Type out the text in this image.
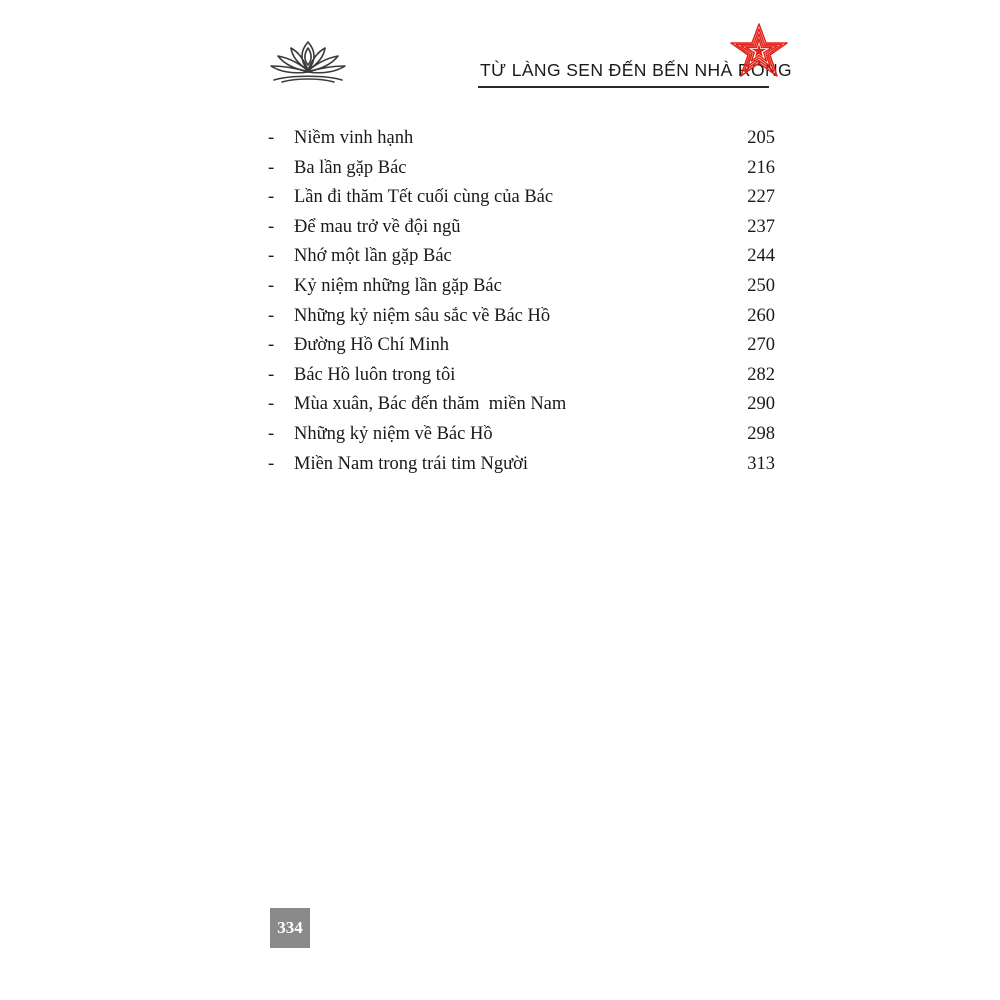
TỪ LÀNG SEN ĐẾN BẾN NHÀ RỒNG
-	Niềm vinh hạnh	205
-	Ba lần gặp Bác	216
-	Lần đi thăm Tết cuối cùng của Bác	227
-	Để mau trở về đội ngũ	237
-	Nhớ một lần gặp Bác	244
-	Kỷ niệm những lần gặp Bác	250
-	Những kỷ niệm sâu sắc về Bác Hồ	260
-	Đường Hồ Chí Minh	270
-	Bác Hồ luôn trong tôi	282
-	Mùa xuân, Bác đến thăm  miền Nam	290
-	Những kỷ niệm về Bác Hồ	298
-	Miền Nam trong trái tim Người	313
334
